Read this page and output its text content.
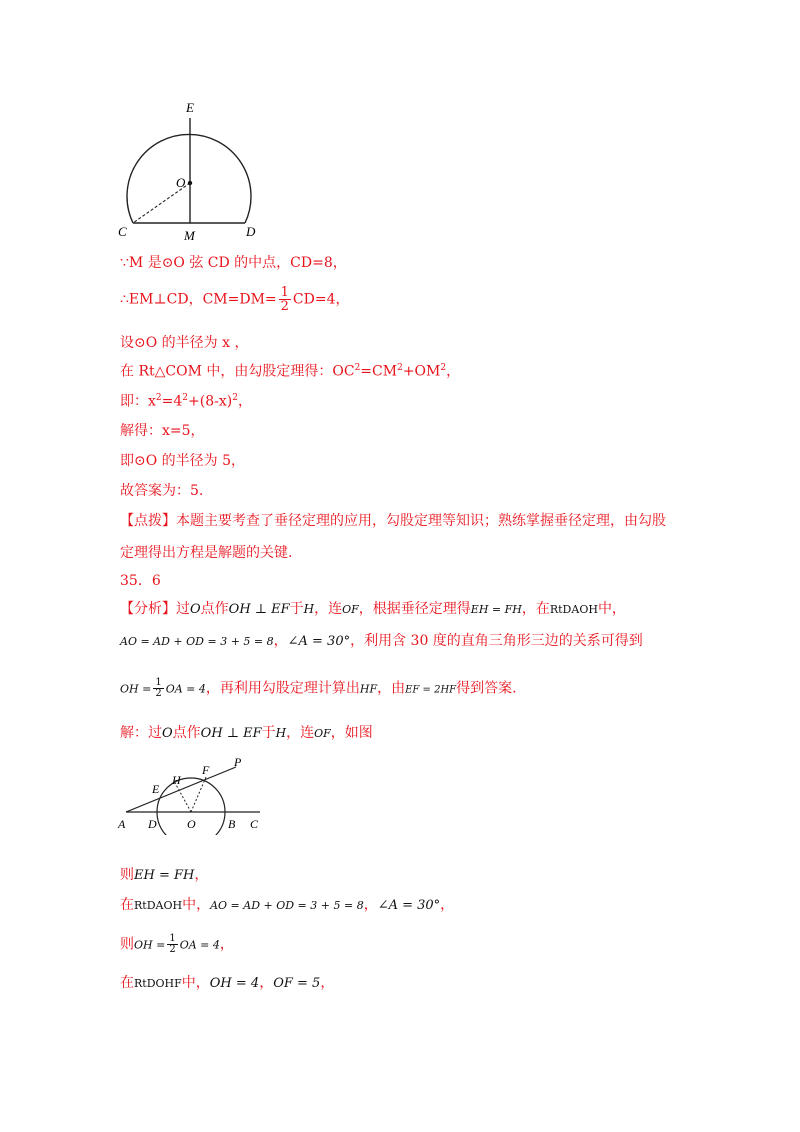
E
O
C	M	D
∵M 是⊙O 弦 CD 的中点，CD=8，
∴EM⊥CD，$CM=DM= \frac{1}{2} CD=4$，
设⊙O 的半径为 x ，
在 Rt△COM 中，由勾股定理得：$OC^2=CM^2+OM^2$，
即：$x^2=4^2+(8-x)^2$，
解得：x=5，
即⊙O 的半径为 5，
故答案为：5.
【点拨】本题主要考查了垂径定理的应用，勾股定理等知识；熟练掌握垂径定理，由勾股
定理得出方程是解题的关键.
35．6
【分析】过O点作OH ⊥ EF于H，连OF，根据垂径定理得EH = FH，在RtDAOH中，
AO = AD + OD = 3 + 5 = 8，∠A = 30°，利用含 30 度的直角三角形三边的关系可得到
OH = $\frac{1}{2}$ OA = 4，再利用勾股定理计算出HF，由EF = 2HF得到答案.
解：过O点作OH ⊥ EF于H，连OF，如图
A D	O	B C
E
H
F
P
则EH = FH，
在RtDAOH中，AO = AD + OD = 3 + 5 = 8，∠A = 30°，
则OH = $\frac{1}{2}$ OA = 4，
在RtDOHF中，OH = 4，OF = 5，
